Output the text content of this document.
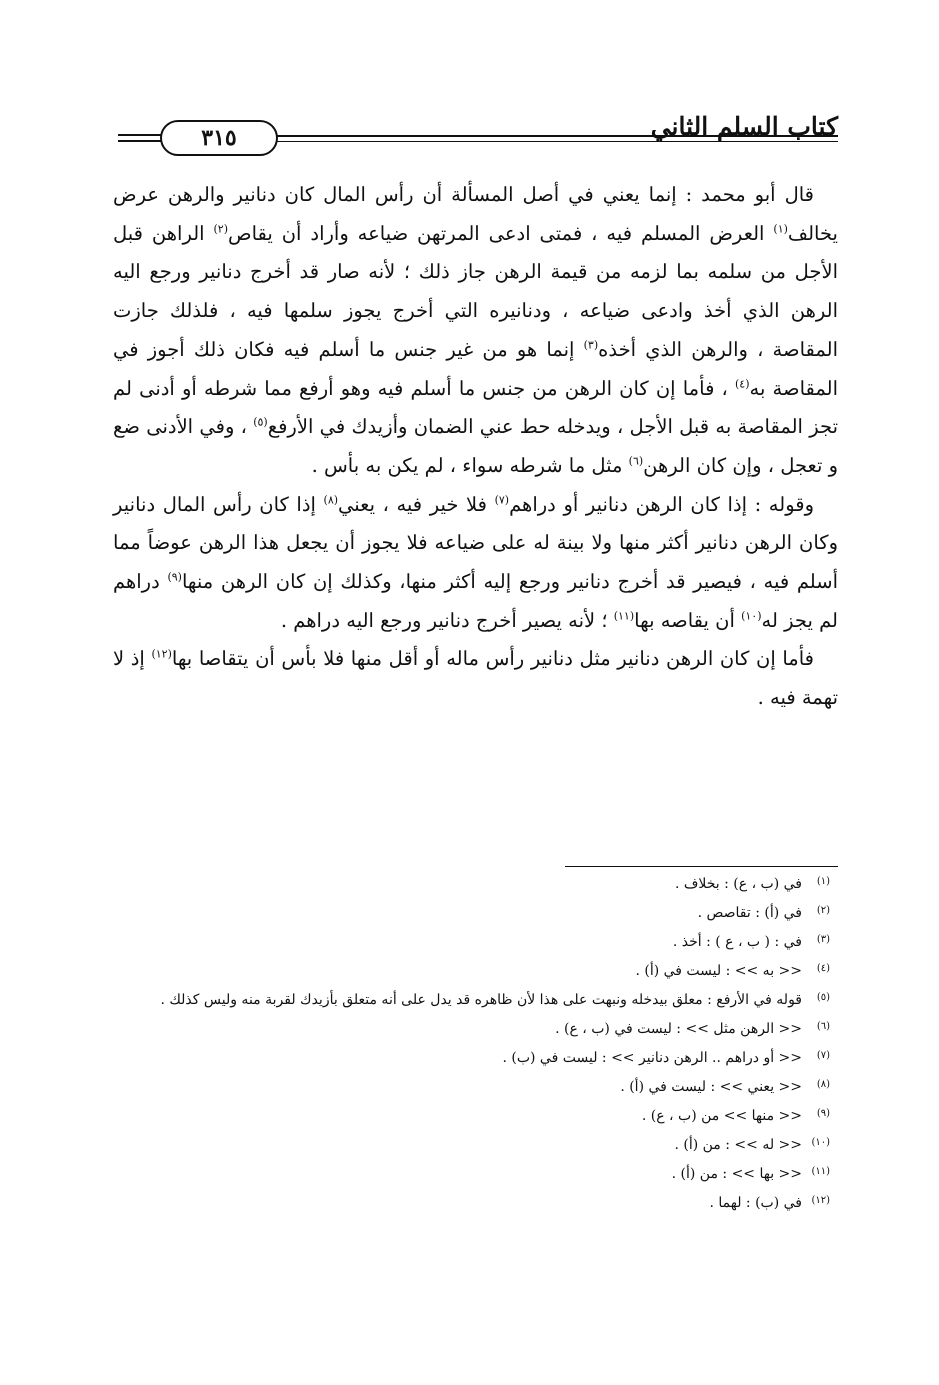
٣١٥	كتاب السلم الثاني

قال أبو محمد : إنما يعني في أصل المسألة أن رأس المال كان دنانير والرهن عرض يخالف$^{(١)}$ العرض المسلم فيه ، فمتى ادعى المرتهن ضياعه وأراد أن يقاص$^{(٢)}$ الراهن قبل الأجل من سلمه بما لزمه من قيمة الرهن جاز ذلك ؛ لأنه صار قد أخرج دنانير ورجع اليه الرهن الذي أخذ وادعى ضياعه ، ودنانيره التي أخرج يجوز سلمها فيه ، فلذلك جازت المقاصة ، والرهن الذي أخذه$^{(٣)}$ إنما هو من غير جنس ما أسلم فيه فكان ذلك أجوز في المقاصة به$^{(٤)}$ ، فأما إن كان الرهن من جنس ما أسلم فيه وهو أرفع مما شرطه أو أدنى لم تجز المقاصة به قبل الأجل ، ويدخله حط عني الضمان وأزيدك في الأرفع$^{(٥)}$ ، وفي الأدنى ضع و تعجل ، وإن كان الرهن$^{(٦)}$ مثل ما شرطه سواء ، لم يكن به بأس .

وقوله : إذا كان الرهن دنانير أو دراهم$^{(٧)}$ فلا خير فيه ، يعني$^{(٨)}$ إذا كان رأس المال دنانير وكان الرهن دنانير أكثر منها ولا بينة له على ضياعه فلا يجوز أن يجعل هذا الرهن عوضاً مما أسلم فيه ، فيصير قد أخرج دنانير ورجع إليه أكثر منها، وكذلك إن كان الرهن منها$^{(٩)}$ دراهم لم يجز له$^{(١٠)}$ أن يقاصه بها$^{(١١)}$ ؛ لأنه يصير أخرج دنانير ورجع اليه دراهم .

فأما إن كان الرهن دنانير مثل دنانير رأس ماله أو أقل منها فلا بأس أن يتقاصا بها$^{(١٢)}$ إذ لا تهمة فيه .

(١)
في (ب ، ع) : بخلاف .
(٢)
في (أ) : تقاصص .
(٣)
في : ( ب ، ع ) : أخذ .
(٤)
<< به >> : ليست في (أ) .
(٥)
قوله في الأرفع : معلق بيدخله ونبهت على هذا لأن ظاهره قد يدل على أنه متعلق بأزيدك لقربة منه وليس كذلك .
(٦)
<< الرهن مثل >> : ليست في (ب ، ع) .
(٧)
<< أو دراهم .. الرهن دنانير >> : ليست في (ب) .
(٨)
<< يعني >> : ليست في (أ) .
(٩)
<< منها >> من (ب ، ع) .
(١٠)
<< له >> : من (أ) .
(١١)
<< بها >> : من (أ) .
(١٢)
في (ب) : لهما .
